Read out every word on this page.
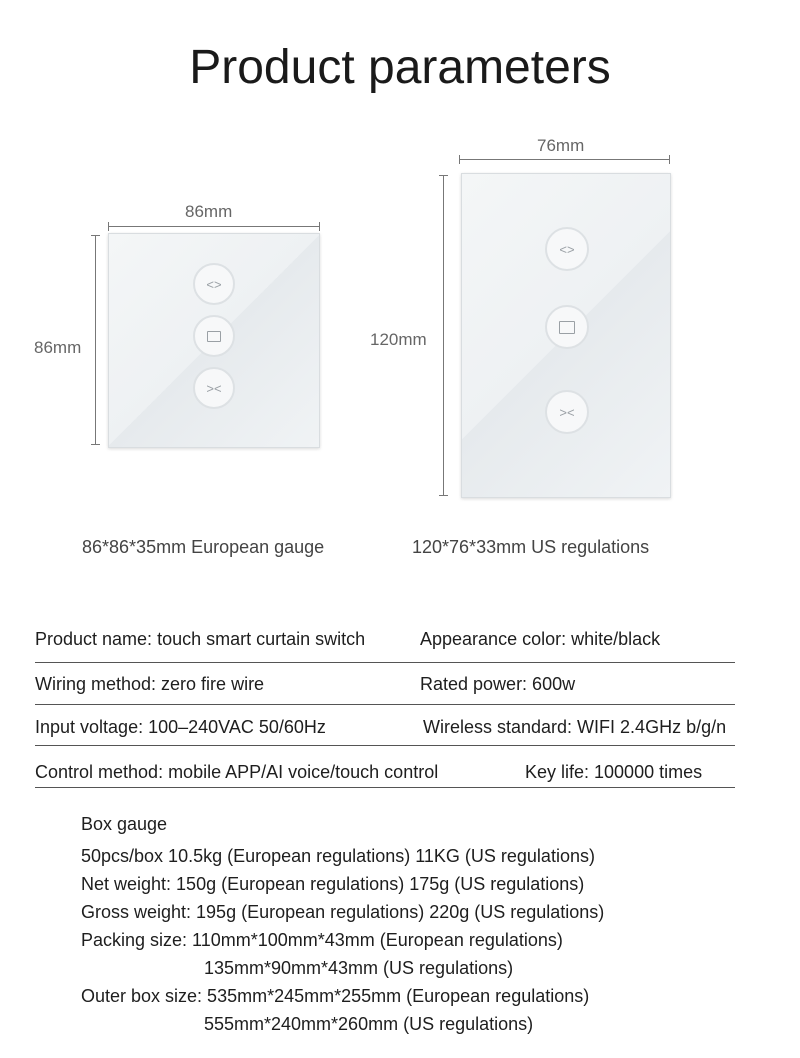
Product parameters
86mm
86mm
<>
><
76mm
120mm
<>
><
86*86*35mm European gauge	120*76*33mm US regulations
Product name: touch smart curtain switch	Appearance color: white/black
Wiring method: zero fire wire	Rated power: 600w
Input voltage: 100–240VAC 50/60Hz	Wireless standard: WIFI 2.4GHz b/g/n
Control method: mobile APP/AI voice/touch control	Key life: 100000 times
Box gauge
50pcs/box 10.5kg (European regulations) 11KG (US regulations)
Net weight: 150g (European regulations) 175g (US regulations)
Gross weight: 195g (European regulations) 220g (US regulations)
Packing size: 110mm*100mm*43mm (European regulations)
135mm*90mm*43mm (US regulations)
Outer box size: 535mm*245mm*255mm (European regulations)
555mm*240mm*260mm (US regulations)
